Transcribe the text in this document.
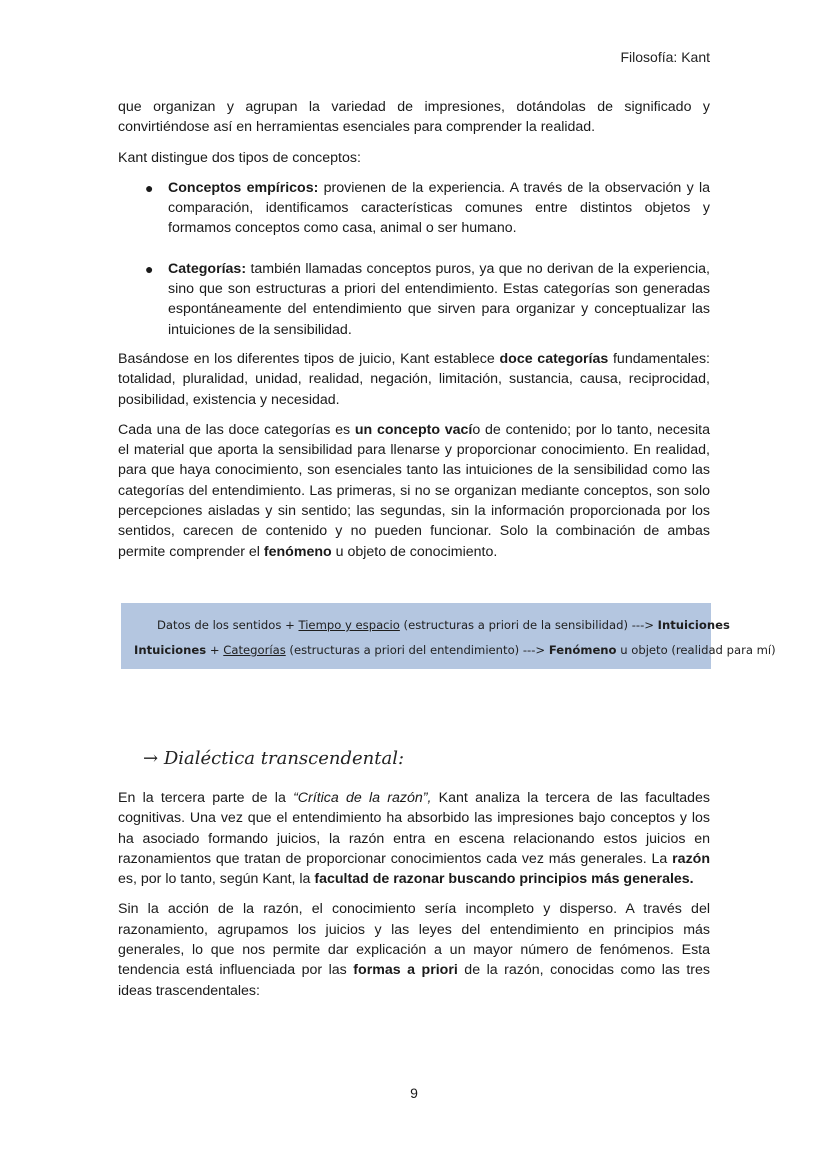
Filosofía: Kant

que organizan y agrupan la variedad de impresiones, dotándolas de significado y convirtiéndose así en herramientas esenciales para comprender la realidad.

Kant distingue dos tipos de conceptos:

● Conceptos empíricos: provienen de la experiencia. A través de la observación y la comparación, identificamos características comunes entre distintos objetos y formamos conceptos como casa, animal o ser humano.
● Categorías: también llamadas conceptos puros, ya que no derivan de la experiencia, sino que son estructuras a priori del entendimiento. Estas categorías son generadas espontáneamente del entendimiento que sirven para organizar y conceptualizar las intuiciones de la sensibilidad.

Basándose en los diferentes tipos de juicio, Kant establece doce categorías fundamentales: totalidad, pluralidad, unidad, realidad, negación, limitación, sustancia, causa, reciprocidad, posibilidad, existencia y necesidad.

Cada una de las doce categorías es un concepto vacío de contenido; por lo tanto, necesita el material que aporta la sensibilidad para llenarse y proporcionar conocimiento. En realidad, para que haya conocimiento, son esenciales tanto las intuiciones de la sensibilidad como las categorías del entendimiento. Las primeras, si no se organizan mediante conceptos, son solo percepciones aisladas y sin sentido; las segundas, sin la información proporcionada por los sentidos, carecen de contenido y no pueden funcionar. Solo la combinación de ambas permite comprender el fenómeno u objeto de conocimiento.

Datos de los sentidos + Tiempo y espacio (estructuras a priori de la sensibilidad) ---> Intuiciones
Intuiciones + Categorías (estructuras a priori del entendimiento) ---> Fenómeno u objeto (realidad para mí)
→ Dialéctica transcendental:

En la tercera parte de la “Crítica de la razón”, Kant analiza la tercera de las facultades cognitivas. Una vez que el entendimiento ha absorbido las impresiones bajo conceptos y los ha asociado formando juicios, la razón entra en escena relacionando estos juicios en razonamientos que tratan de proporcionar conocimientos cada vez más generales. La razón es, por lo tanto, según Kant, la facultad de razonar buscando principios más generales.

Sin la acción de la razón, el conocimiento sería incompleto y disperso. A través del razonamiento, agrupamos los juicios y las leyes del entendimiento en principios más generales, lo que nos permite dar explicación a un mayor número de fenómenos. Esta tendencia está influenciada por las formas a priori de la razón, conocidas como las tres ideas trascendentales:

9
